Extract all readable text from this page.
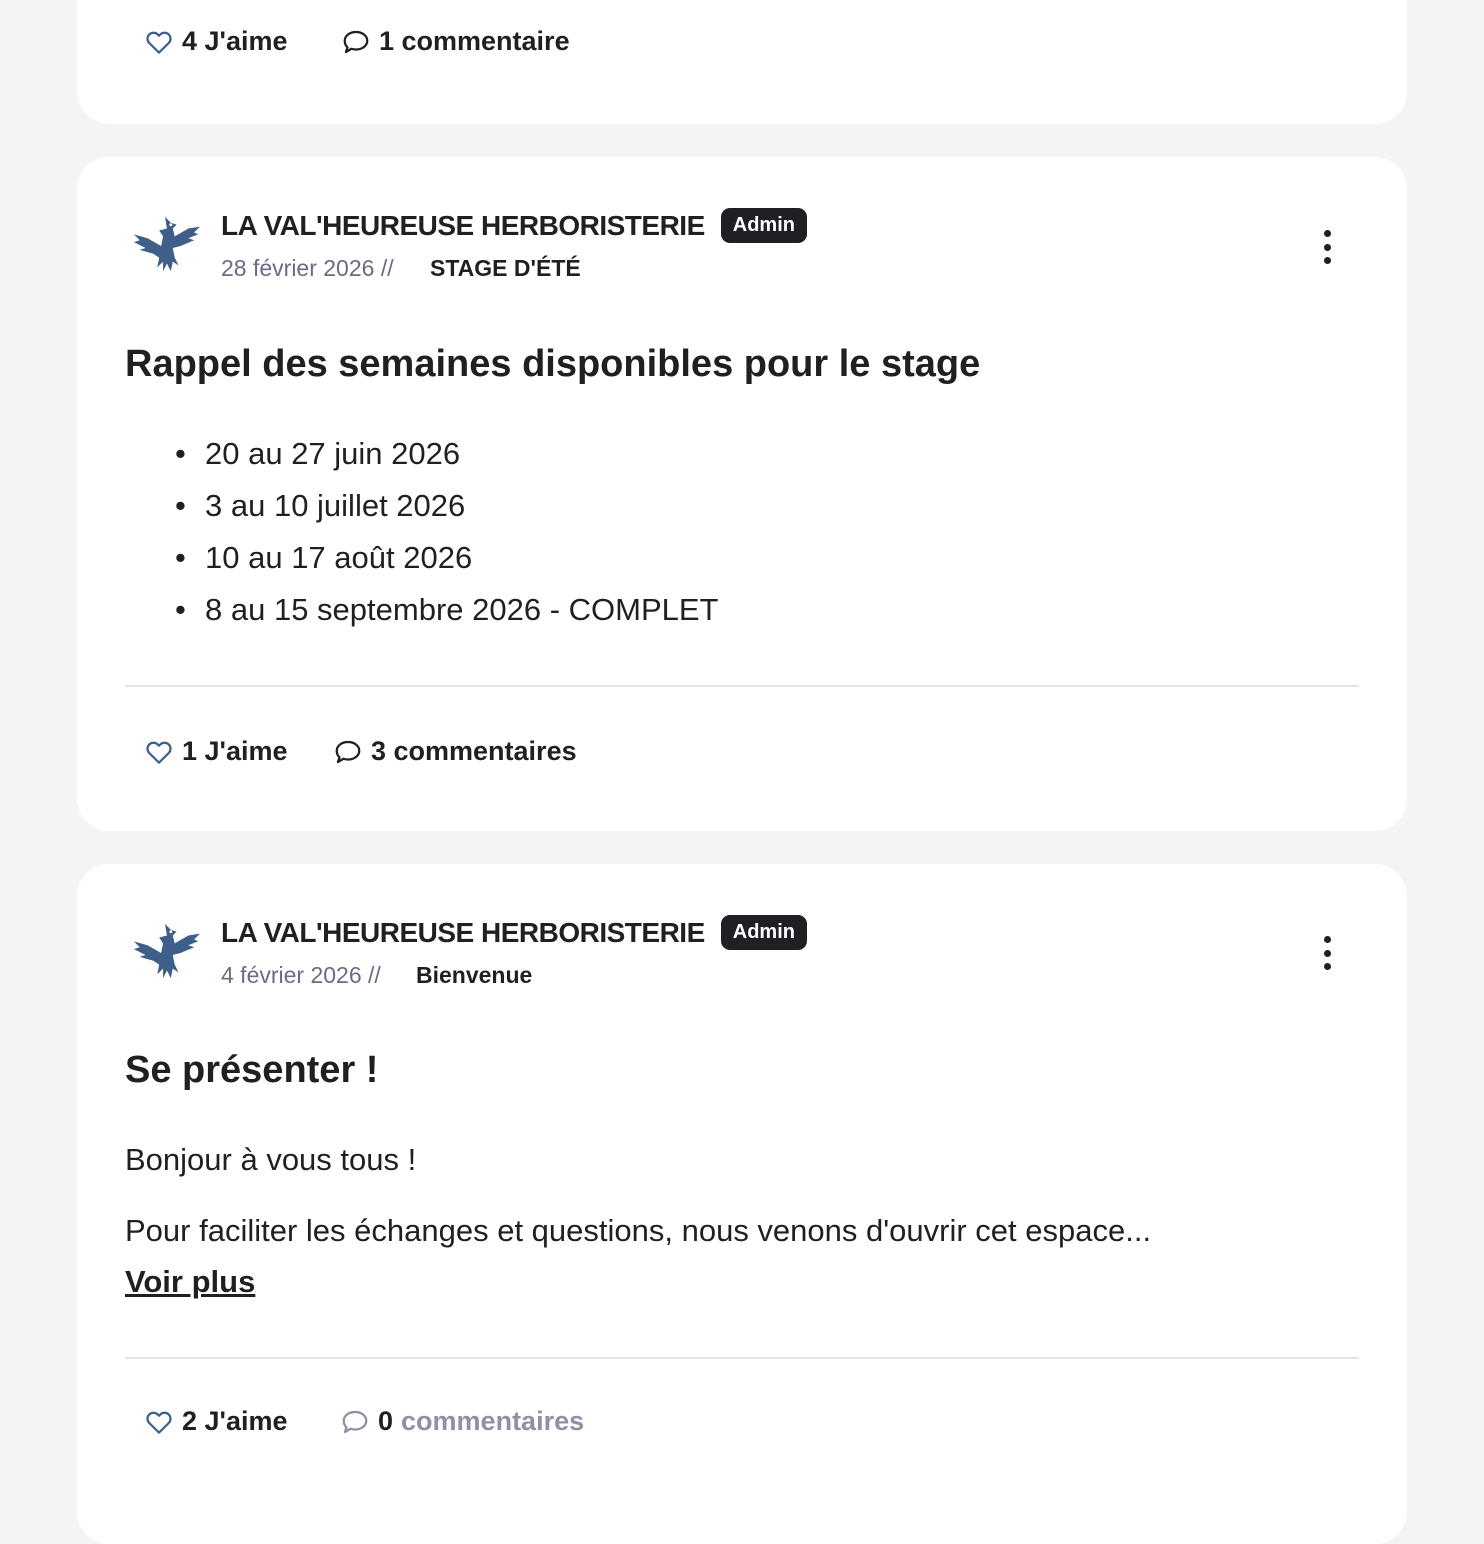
4 J'aime	1 commentaire
LA VAL'HEUREUSE HERBORISTERIE	Admin
28 février 2026 // STAGE D'ÉTÉ
Rappel des semaines disponibles pour le stage
• 20 au 27 juin 2026
• 3 au 10 juillet 2026
• 10 au 17 août 2026
• 8 au 15 septembre 2026 - COMPLET
1 J'aime	3 commentaires
LA VAL'HEUREUSE HERBORISTERIE	Admin
4 février 2026 // Bienvenue
Se présenter !
Bonjour à vous tous !
Pour faciliter les échanges et questions, nous venons d'ouvrir cet espace...
Voir plus
2 J'aime	0 commentaires
